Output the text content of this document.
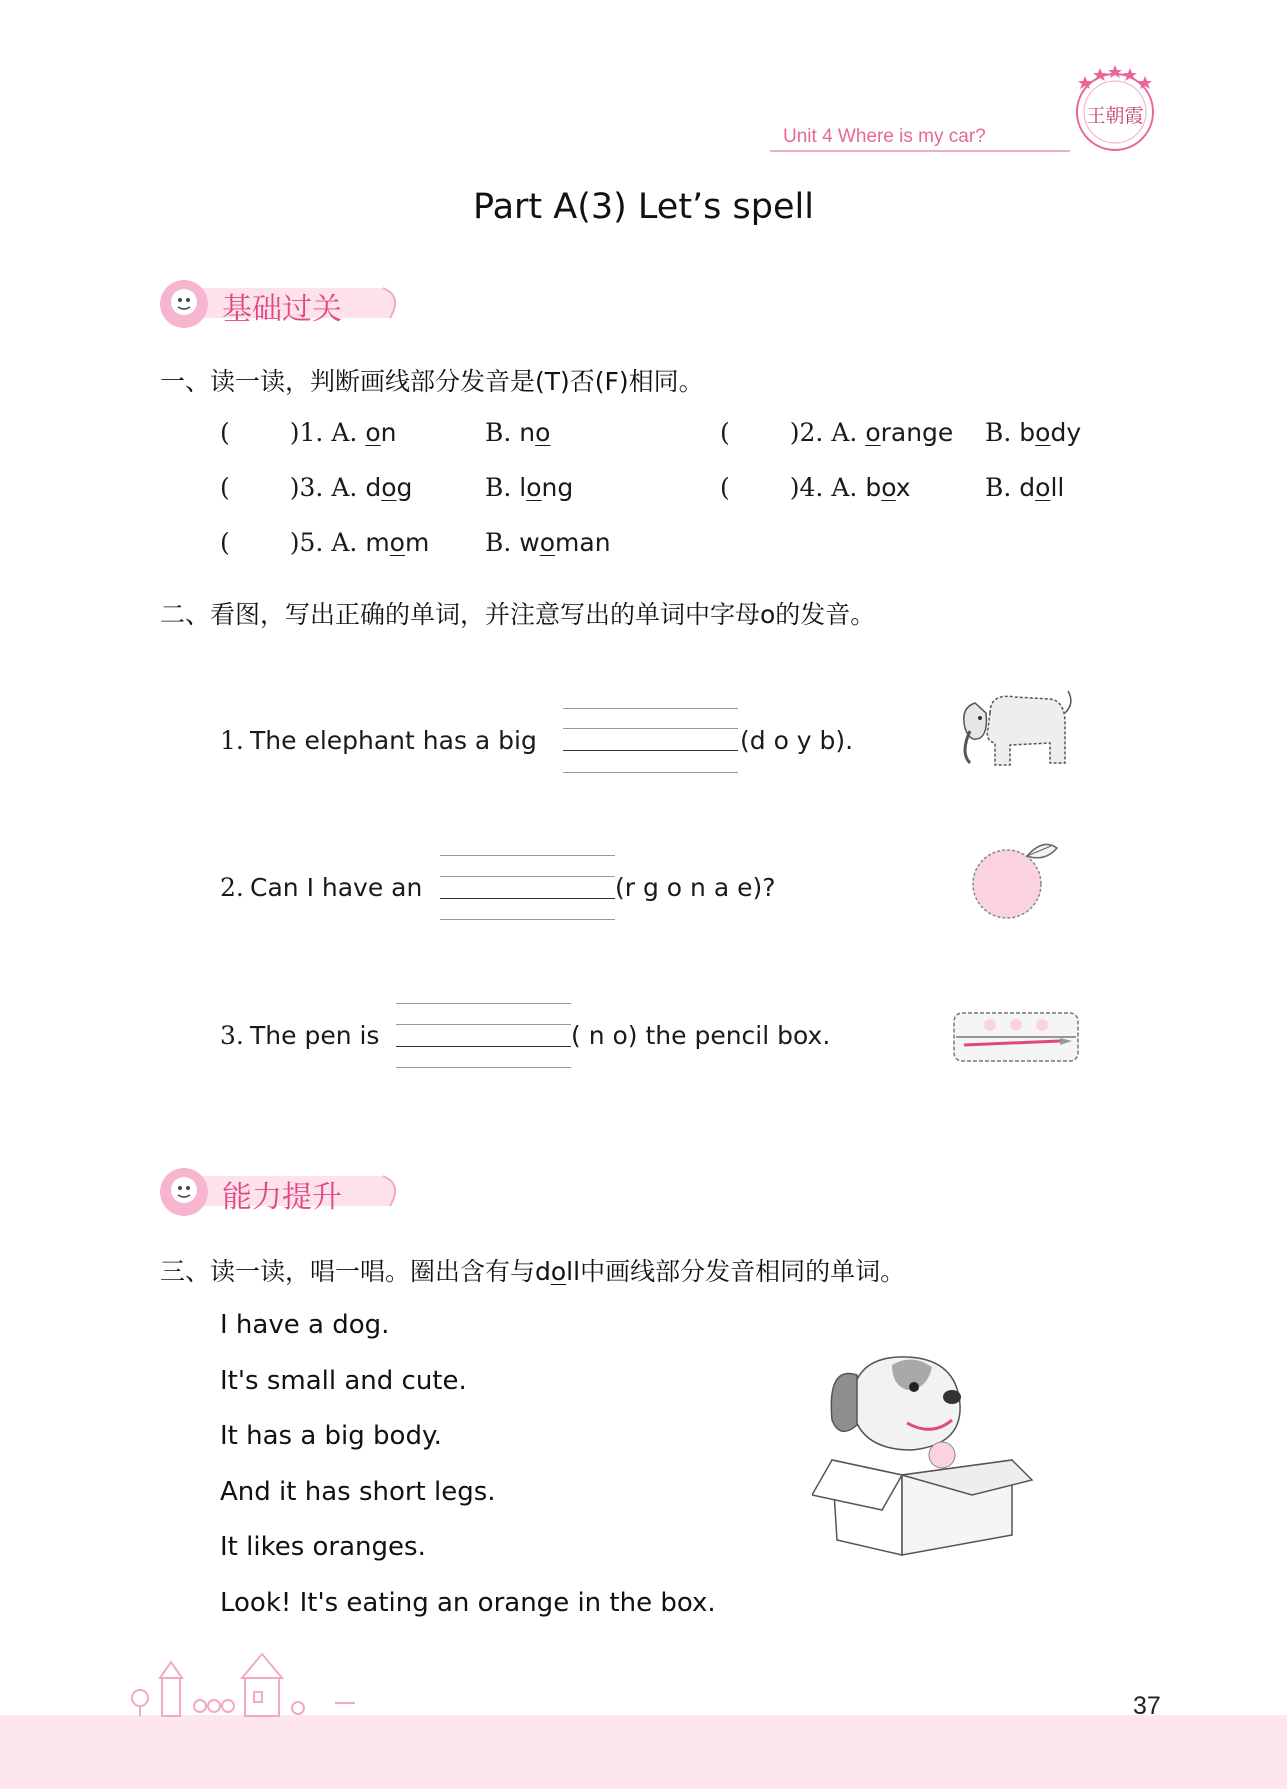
Unit 4 Where is my car?
王朝霞
Part A(3) Let’s spell
基础过关
一、读一读，判断画线部分发音是(T)否(F)相同。
( )1. A. on	B. no	( )2. A. orange B. body
( )3. A. dog	B. long	( )4. A. box	B. doll
( )5. A. mom B. woman
二、看图，写出正确的单词，并注意写出的单词中字母o的发音。
1. The elephant has a big	(d o y b).
2. Can I have an	(r g o n a e)?
3. The pen is	( n o) the pencil box.
能力提升
三、读一读，唱一唱。圈出含有与doll中画线部分发音相同的单词。
I have a dog.
It's small and cute.
It has a big body.
And it has short legs.
It likes oranges.
Look! It's eating an orange in the box.
37
